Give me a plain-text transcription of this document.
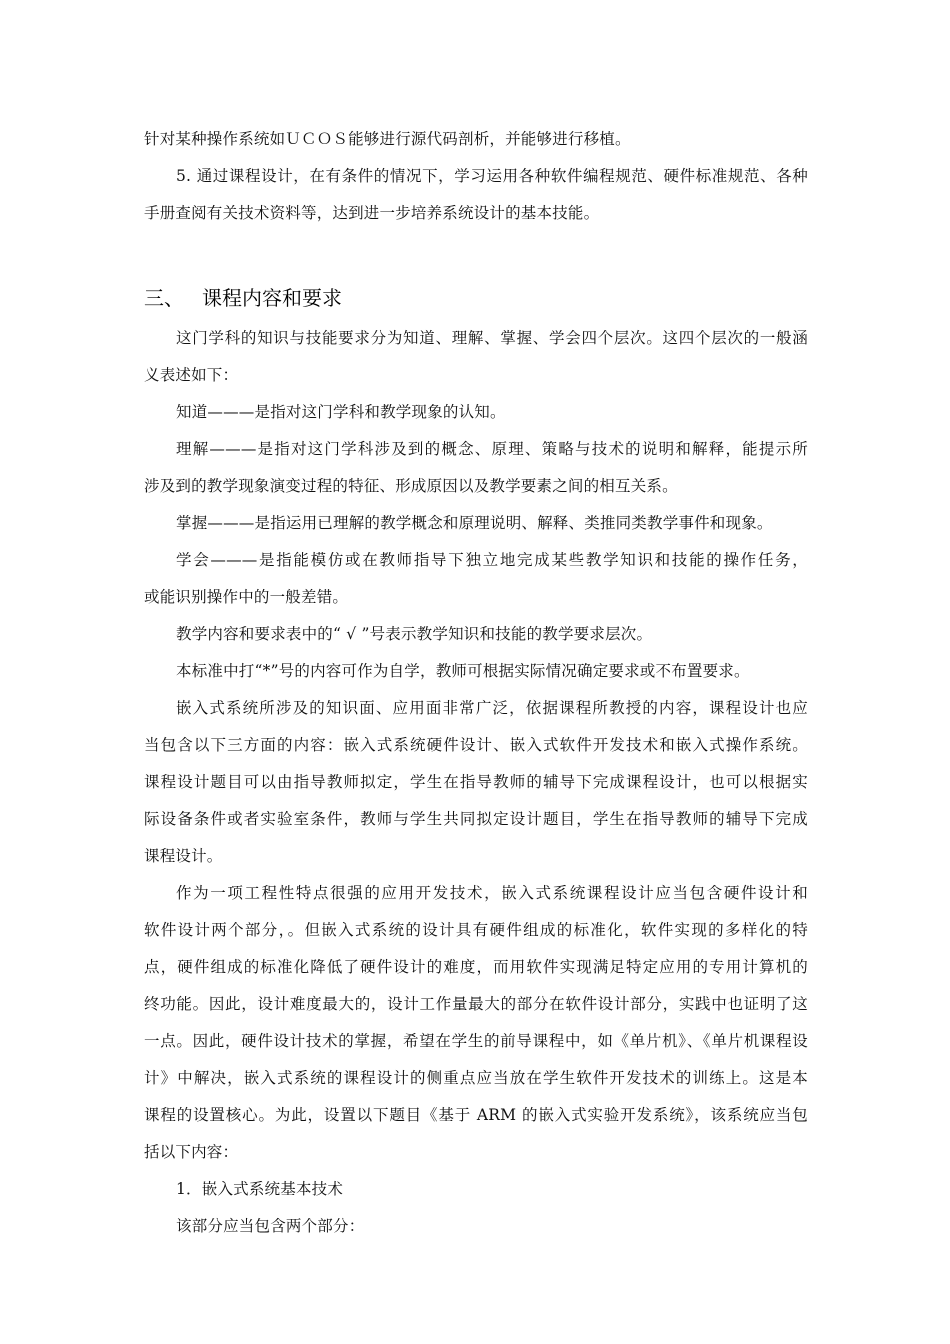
针对某种操作系统如ＵＣＯＳ能够进行源代码剖析，并能够进行移植。
5. 通过课程设计，在有条件的情况下，学习运用各种软件编程规范、硬件标准规范、各种
手册查阅有关技术资料等，达到进一步培养系统设计的基本技能。
三、 课程内容和要求
这门学科的知识与技能要求分为知道、理解、掌握、学会四个层次。这四个层次的一般涵
义表述如下：
知道———是指对这门学科和教学现象的认知。
理解———是指对这门学科涉及到的概念、原理、策略与技术的说明和解释，能提示所
涉及到的教学现象演变过程的特征、形成原因以及教学要素之间的相互关系。
掌握———是指运用已理解的教学概念和原理说明、解释、类推同类教学事件和现象。
学会———是指能模仿或在教师指导下独立地完成某些教学知识和技能的操作任务，
或能识别操作中的一般差错。
教学内容和要求表中的“ √ ”号表示教学知识和技能的教学要求层次。
本标准中打“*”号的内容可作为自学，教师可根据实际情况确定要求或不布置要求。
嵌入式系统所涉及的知识面、应用面非常广泛，依据课程所教授的内容，课程设计也应
当包含以下三方面的内容：嵌入式系统硬件设计、嵌入式软件开发技术和嵌入式操作系统。
课程设计题目可以由指导教师拟定，学生在指导教师的辅导下完成课程设计，也可以根据实
际设备条件或者实验室条件，教师与学生共同拟定设计题目，学生在指导教师的辅导下完成
课程设计。
作为一项工程性特点很强的应用开发技术，嵌入式系统课程设计应当包含硬件设计和
软件设计两个部分，。但嵌入式系统的设计具有硬件组成的标准化，软件实现的多样化的特
点，硬件组成的标准化降低了硬件设计的难度，而用软件实现满足特定应用的专用计算机的
终功能。因此，设计难度最大的，设计工作量最大的部分在软件设计部分，实践中也证明了这
一点。因此，硬件设计技术的掌握，希望在学生的前导课程中，如《单片机》、《单片机课程设
计》中解决，嵌入式系统的课程设计的侧重点应当放在学生软件开发技术的训练上。这是本
课程的设置核心。为此，设置以下题目《基于 ARM 的嵌入式实验开发系统》，该系统应当包
括以下内容：
1．嵌入式系统基本技术
该部分应当包含两个部分：
